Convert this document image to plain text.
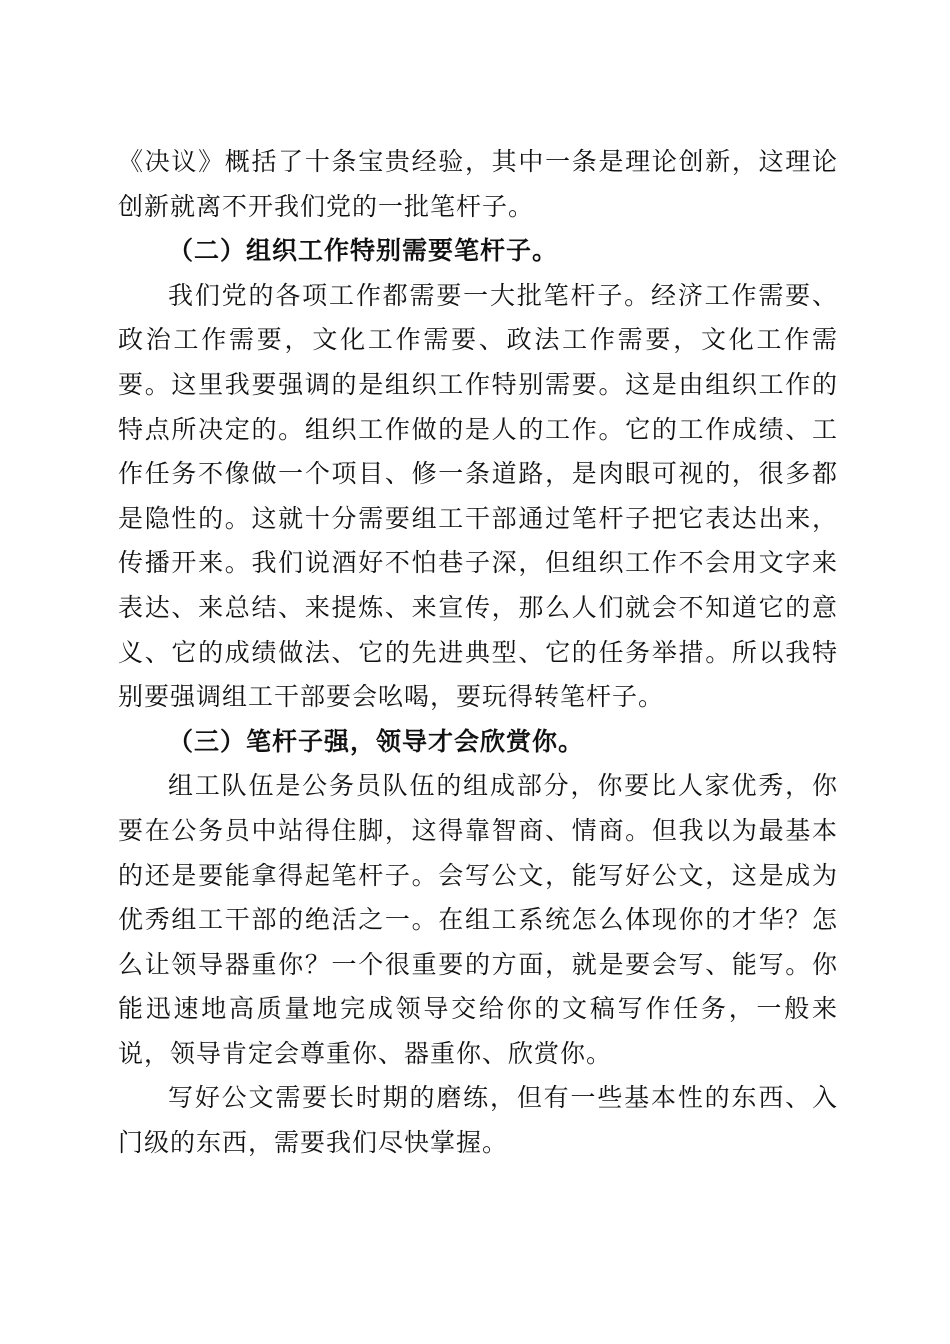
《决议》概括了十条宝贵经验，其中一条是理论创新，这理论创新就离不开我们党的一批笔杆子。

（二）组织工作特别需要笔杆子。

我们党的各项工作都需要一大批笔杆子。经济工作需要、政治工作需要，文化工作需要、政法工作需要，文化工作需要。这里我要强调的是组织工作特别需要。这是由组织工作的特点所决定的。组织工作做的是人的工作。它的工作成绩、工作任务不像做一个项目、修一条道路，是肉眼可视的，很多都是隐性的。这就十分需要组工干部通过笔杆子把它表达出来，传播开来。我们说酒好不怕巷子深，但组织工作不会用文字来表达、来总结、来提炼、来宣传，那么人们就会不知道它的意义、它的成绩做法、它的先进典型、它的任务举措。所以我特别要强调组工干部要会吆喝，要玩得转笔杆子。

（三）笔杆子强，领导才会欣赏你。

组工队伍是公务员队伍的组成部分，你要比人家优秀，你要在公务员中站得住脚，这得靠智商、情商。但我以为最基本的还是要能拿得起笔杆子。会写公文，能写好公文，这是成为优秀组工干部的绝活之一。在组工系统怎么体现你的才华？怎么让领导器重你？一个很重要的方面，就是要会写、能写。你能迅速地高质量地完成领导交给你的文稿写作任务，一般来说，领导肯定会尊重你、器重你、欣赏你。

写好公文需要长时期的磨练，但有一些基本性的东西、入门级的东西，需要我们尽快掌握。
